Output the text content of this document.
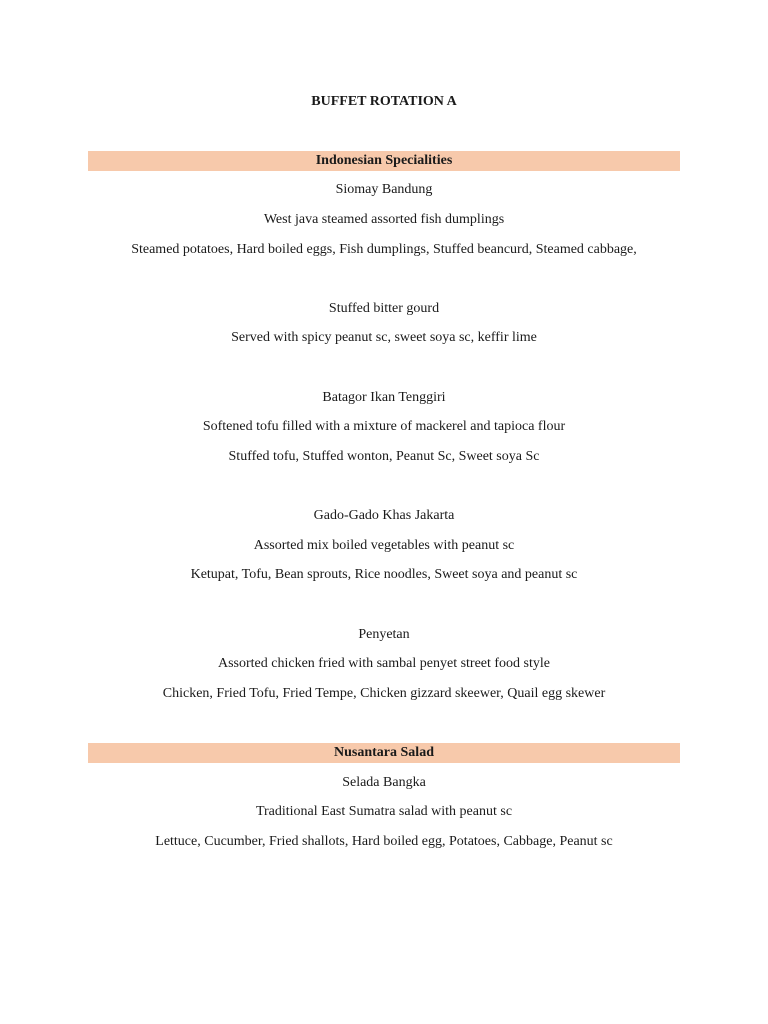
BUFFET ROTATION A
Indonesian Specialities
Siomay Bandung
West java steamed assorted fish dumplings
Steamed potatoes, Hard boiled eggs, Fish dumplings, Stuffed beancurd, Steamed cabbage,
Stuffed bitter gourd
Served with spicy peanut sc, sweet soya sc, keffir lime
Batagor Ikan Tenggiri
Softened tofu filled with a mixture of mackerel and tapioca flour
Stuffed tofu, Stuffed wonton, Peanut Sc, Sweet soya Sc
Gado-Gado Khas Jakarta
Assorted mix boiled vegetables with peanut sc
Ketupat, Tofu, Bean sprouts, Rice noodles, Sweet soya and peanut sc
Penyetan
Assorted chicken fried with sambal penyet street food style
Chicken, Fried Tofu, Fried Tempe, Chicken gizzard skeewer, Quail egg skewer
Nusantara Salad
Selada Bangka
Traditional East Sumatra salad with peanut sc
Lettuce, Cucumber, Fried shallots, Hard boiled egg, Potatoes, Cabbage, Peanut sc
